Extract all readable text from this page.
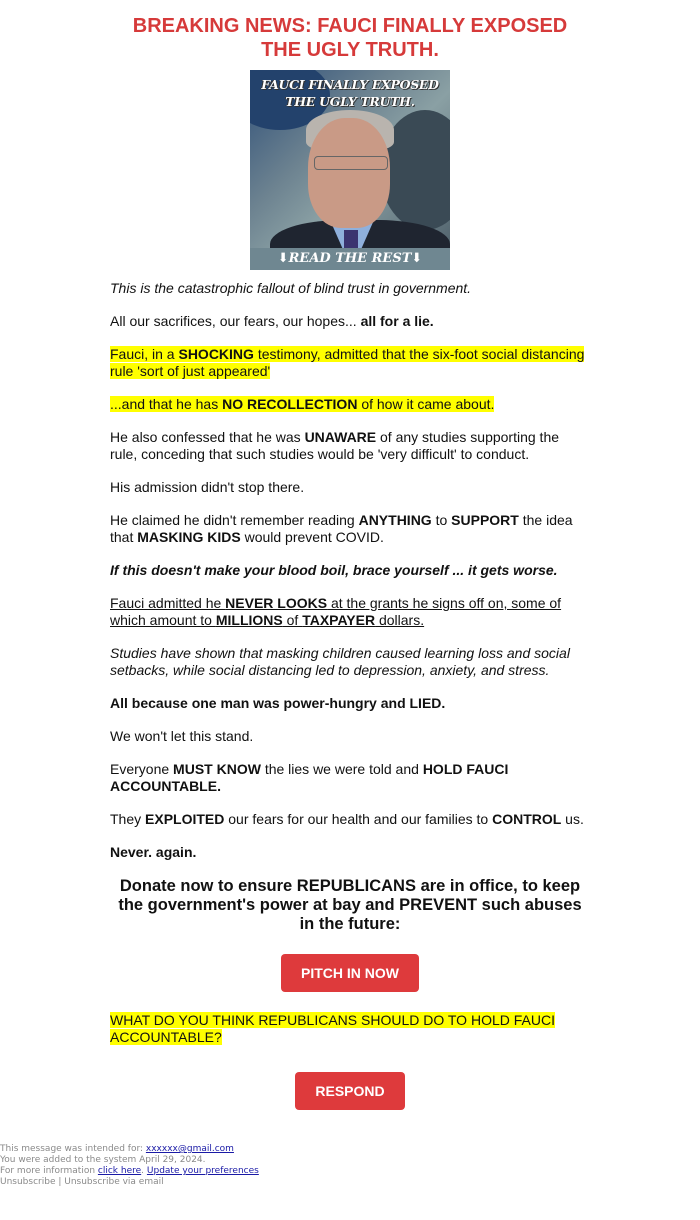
BREAKING NEWS: FAUCI FINALLY EXPOSED
THE UGLY TRUTH.
FAUCI FINALLY EXPOSED
THE UGLY TRUTH.
⬇READ THE REST⬇

This is the catastrophic fallout of blind trust in government.

All our sacrifices, our fears, our hopes... all for a lie.

Fauci, in a SHOCKING testimony, admitted that the six-foot social distancing rule 'sort of just appeared'

...and that he has NO RECOLLECTION of how it came about.

He also confessed that he was UNAWARE of any studies supporting the rule, conceding that such studies would be 'very difficult' to conduct.

His admission didn't stop there.

He claimed he didn't remember reading ANYTHING to SUPPORT the idea that MASKING KIDS would prevent COVID.

If this doesn't make your blood boil, brace yourself ... it gets worse.

Fauci admitted he NEVER LOOKS at the grants he signs off on, some of which amount to MILLIONS of TAXPAYER dollars.

Studies have shown that masking children caused learning loss and social setbacks, while social distancing led to depression, anxiety, and stress.

All because one man was power-hungry and LIED.

We won't let this stand.

Everyone MUST KNOW the lies we were told and HOLD FAUCI ACCOUNTABLE.

They EXPLOITED our fears for our health and our families to CONTROL us.

Never. again.

Donate now to ensure REPUBLICANS are in office, to keep the government's power at bay and PREVENT such abuses in the future:
PITCH IN NOW

WHAT DO YOU THINK REPUBLICANS SHOULD DO TO HOLD FAUCI ACCOUNTABLE?

RESPOND
This message was intended for: xxxxxx@gmail.com
You were added to the system April 29, 2024.
For more information click here. Update your preferences
Unsubscribe | Unsubscribe via email
